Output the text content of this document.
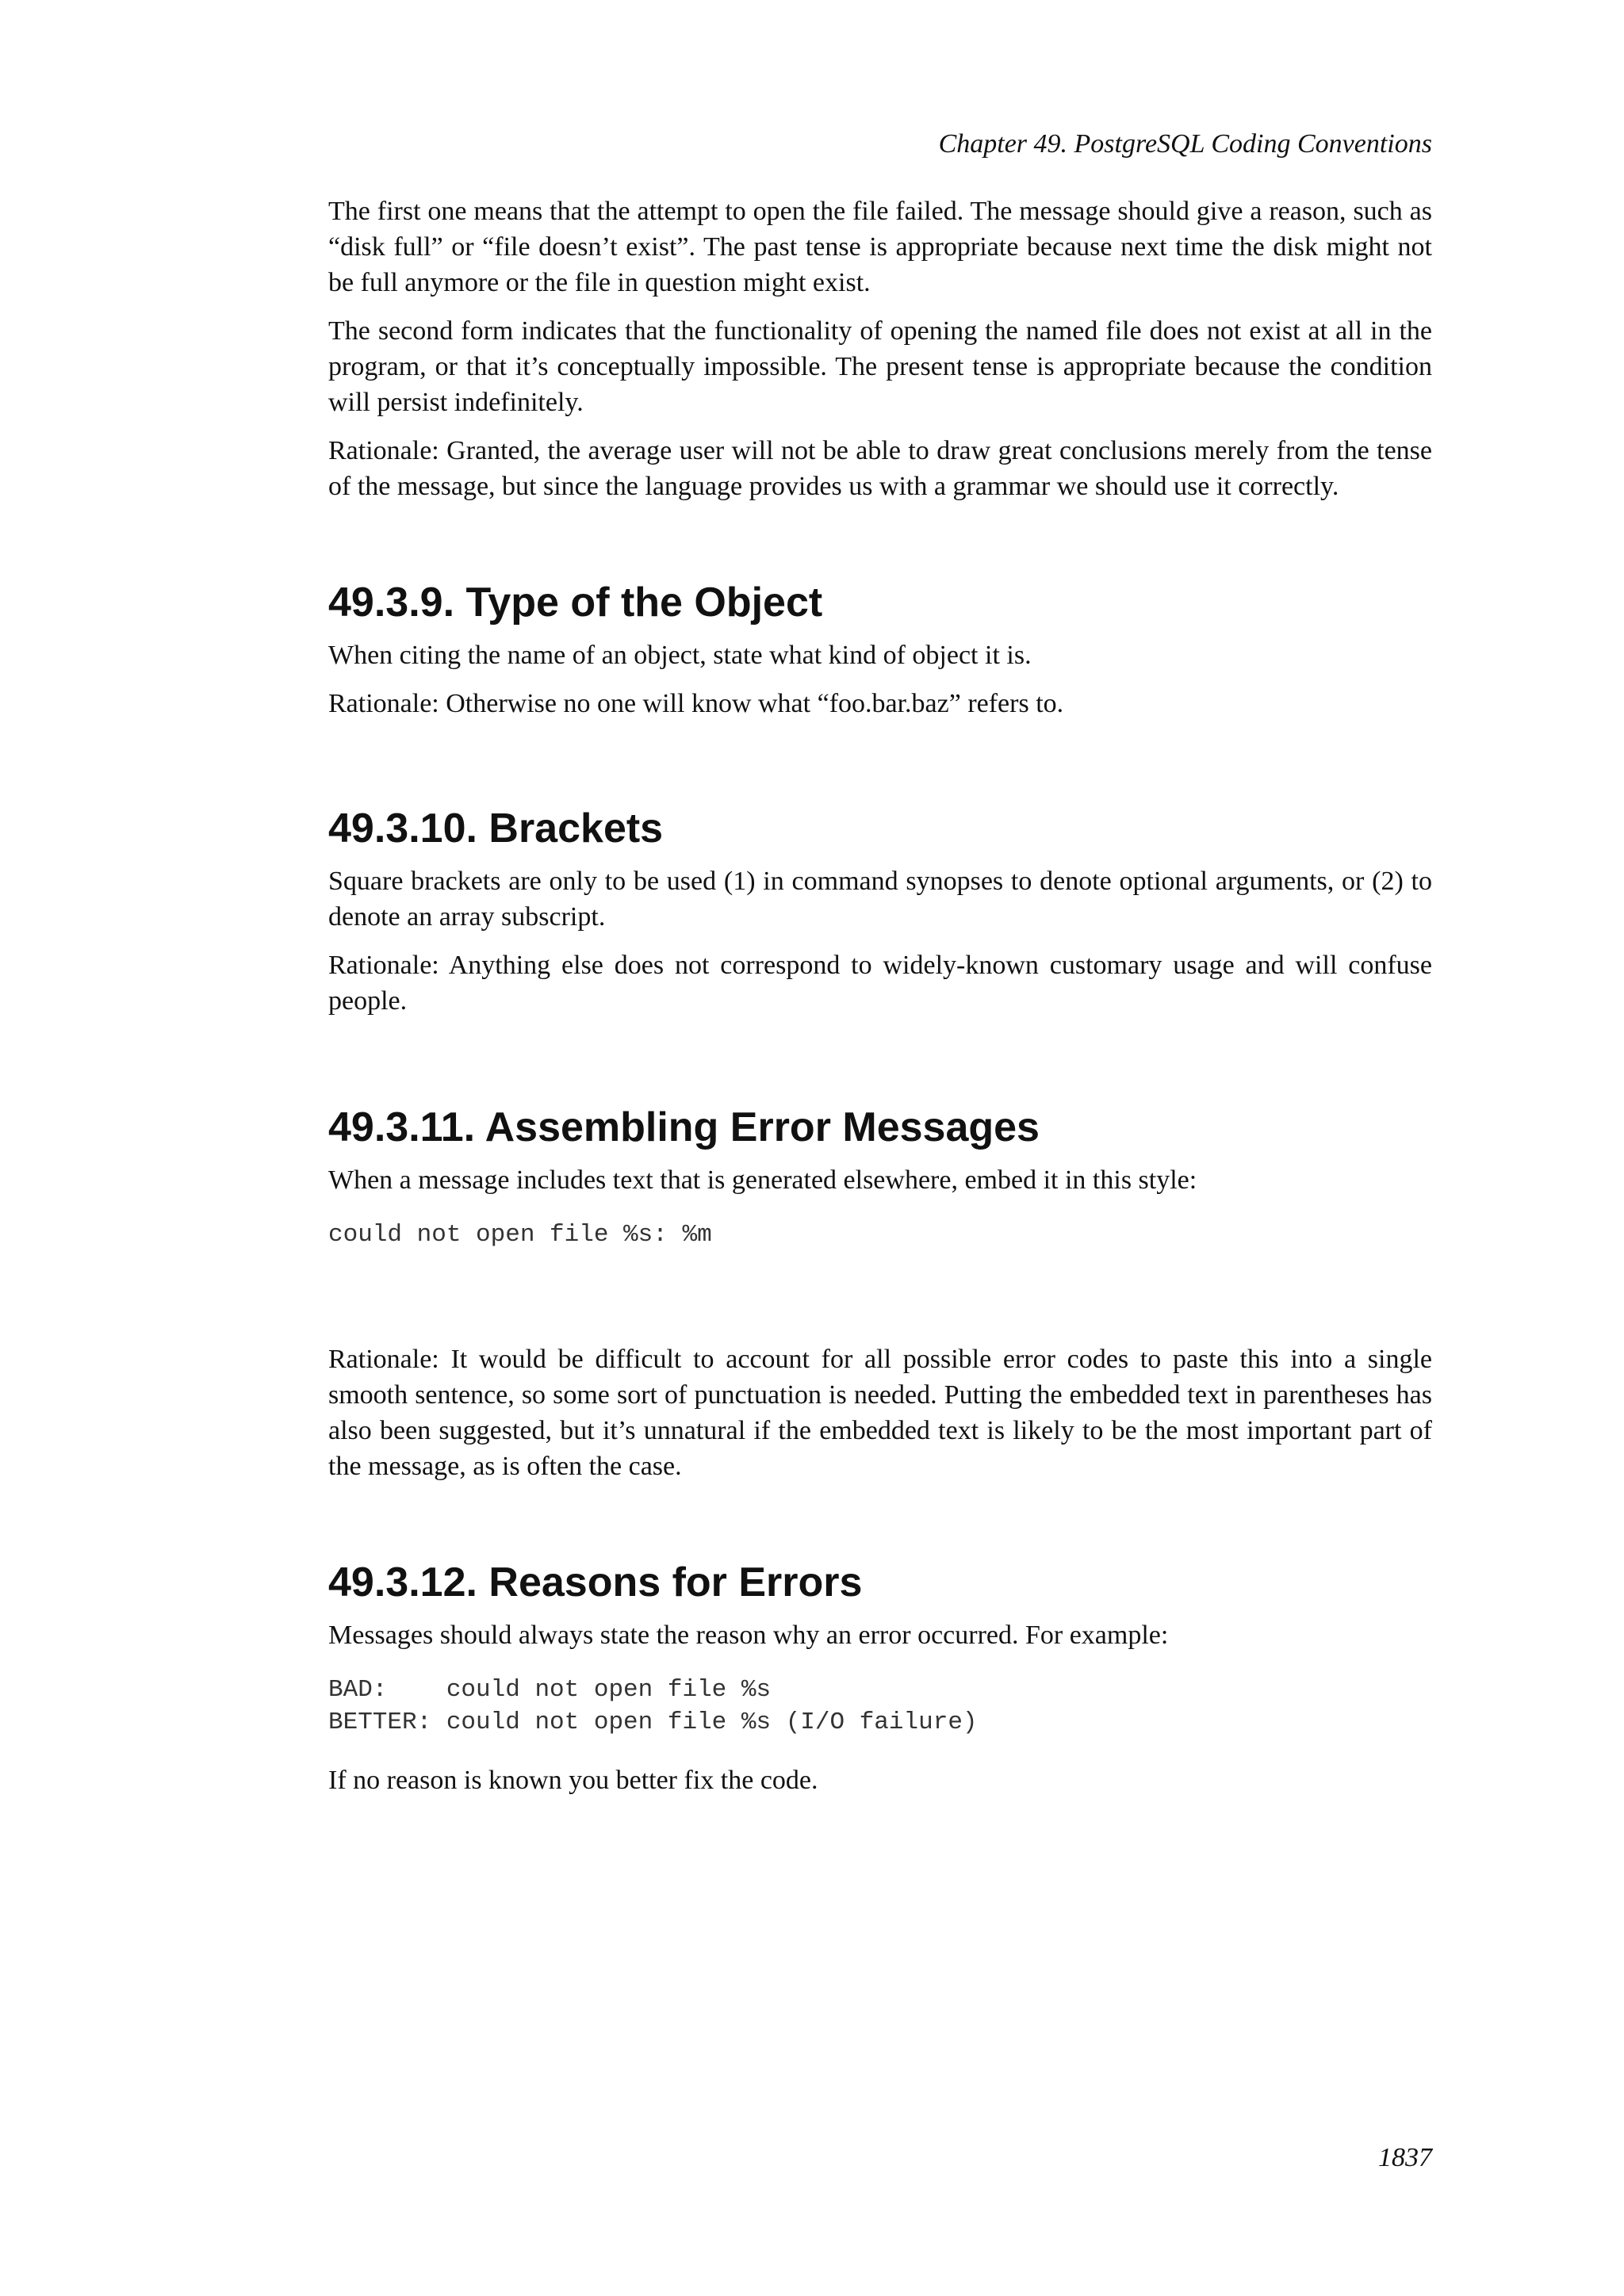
Chapter 49. PostgreSQL Coding Conventions

The first one means that the attempt to open the file failed. The message should give a reason, such as “disk full” or “file doesn’t exist”. The past tense is appropriate because next time the disk might not be full anymore or the file in question might exist.

The second form indicates that the functionality of opening the named file does not exist at all in the program, or that it’s conceptually impossible. The present tense is appropriate because the condition will persist indefinitely.

Rationale: Granted, the average user will not be able to draw great conclusions merely from the tense of the message, but since the language provides us with a grammar we should use it correctly.

49.3.9. Type of the Object

When citing the name of an object, state what kind of object it is.

Rationale: Otherwise no one will know what “foo.bar.baz” refers to.

49.3.10. Brackets

Square brackets are only to be used (1) in command synopses to denote optional arguments, or (2) to denote an array subscript.

Rationale: Anything else does not correspond to widely-known customary usage and will confuse people.

49.3.11. Assembling Error Messages

When a message includes text that is generated elsewhere, embed it in this style:

could not open file %s: %m

Rationale: It would be difficult to account for all possible error codes to paste this into a single smooth sentence, so some sort of punctuation is needed. Putting the embedded text in parentheses has also been suggested, but it’s unnatural if the embedded text is likely to be the most important part of the message, as is often the case.

49.3.12. Reasons for Errors

Messages should always state the reason why an error occurred. For example:

BAD:    could not open file %s
BETTER: could not open file %s (I/O failure)

If no reason is known you better fix the code.

1837
